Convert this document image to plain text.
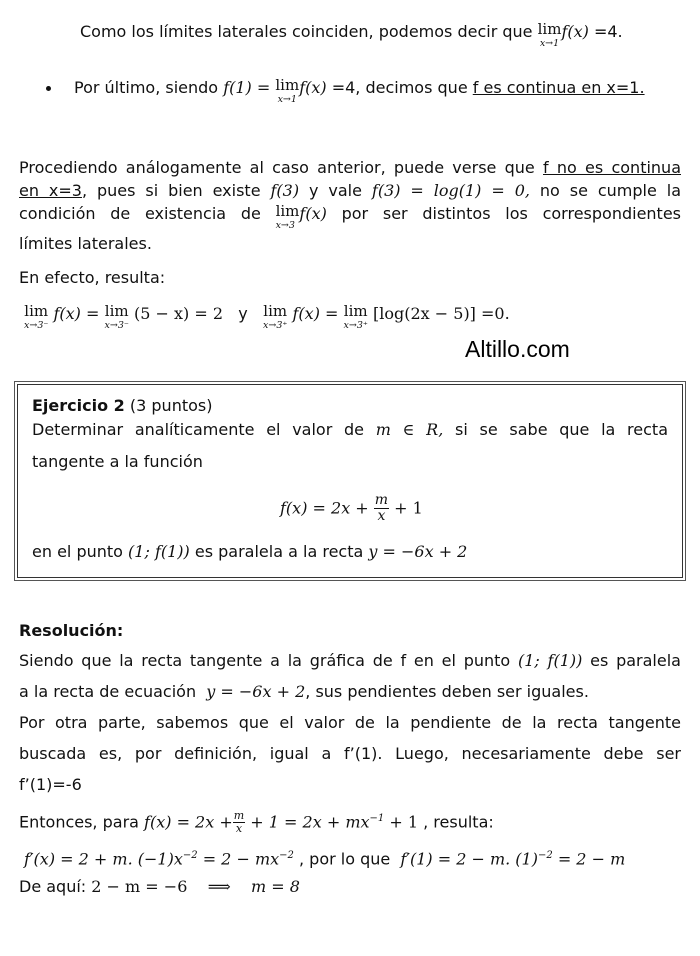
Como los límites laterales coinciden, podemos decir que lim
x→1
f(x) =4.
Por último, siendo f(1) = lim
x→1
f(x) =4, decimos que f es continua en x=1.
Procediendo análogamente al caso anterior, puede verse que f no es continua
en x=3, pues si bien existe f(3) y vale f(3) = log(1) = 0, no se cumple la
condición de existencia de lim
x→3
f(x) por ser distintos los correspondientes
límites laterales.
En efecto, resulta:
lim
x→3⁻
f(x) = lim
x→3⁻
(5 − x) = 2 y lim
x→3⁺
f(x) = lim
x→3⁺
[log(2x − 5)] =0.
Altillo.com
Ejercicio 2 (3 puntos)
Determinar analíticamente el valor de m ∈ R, si se sabe que la recta
tangente a la función
$f(x) = 2x + \frac{m}{x} + 1$
en el punto (1; f(1)) es paralela a la recta y = −6x + 2
Resolución:
Siendo que la recta tangente a la gráfica de f en el punto (1; f(1)) es paralela
a la recta de ecuación y = −6x + 2, sus pendientes deben ser iguales.
Por otra parte, sabemos que el valor de la pendiente de la recta tangente
buscada es, por definición, igual a f’(1). Luego, necesariamente debe ser
f’(1)=-6
Entonces, para $f(x) = 2x + \frac{m}{x} + 1 = 2x + mx^{-1} + 1$ , resulta:
f′(x) = 2 + m. $(-1)x^{-2} = 2 - mx^{-2}$ , por lo que f′(1) = 2 − m. $(1)^{-2} = 2 - m$
De aquí: 2 − m = −6 ⟹ m = 8
